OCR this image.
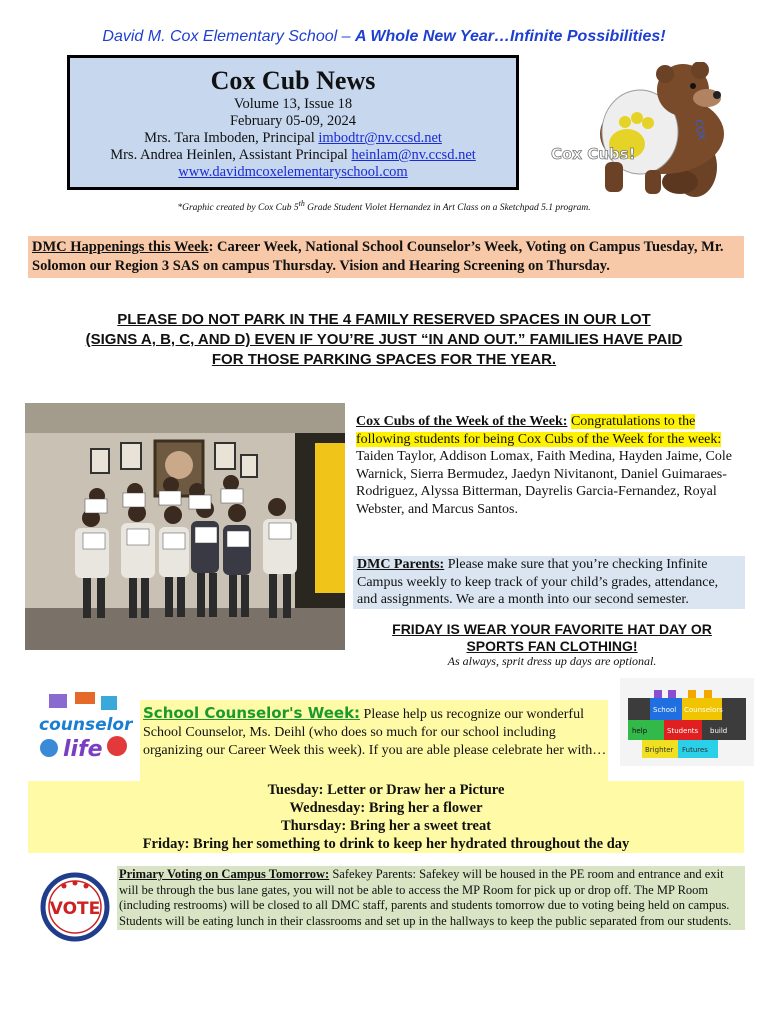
David M. Cox Elementary School – A Whole New Year…Infinite Possibilities!
Cox Cub News
Volume 13, Issue 18
February 05-09, 2024
Mrs. Tara Imboden, Principal imbodtr@nv.ccsd.net
Mrs. Andrea Heinlen, Assistant Principal heinlam@nv.ccsd.net
www.davidmcoxelementaryschool.com
COX
Cox Cubs!
*Graphic created by Cox Cub 5th Grade Student Violet Hernandez in Art Class on a Sketchpad 5.1 program.
DMC Happenings this Week: Career Week, National School Counselor’s Week, Voting on Campus Tuesday, Mr. Solomon our Region 3 SAS on campus Thursday. Vision and Hearing Screening on Thursday.
PLEASE DO NOT PARK IN THE 4 FAMILY RESERVED SPACES IN OUR LOT
(SIGNS A, B, C, AND D) EVEN IF YOU’RE JUST “IN AND OUT.” FAMILIES HAVE PAID
FOR THOSE PARKING SPACES FOR THE YEAR.
Cox Cubs of the Week of the Week: Congratulations to the following students for being Cox Cubs of the Week for the week: Taiden Taylor, Addison Lomax, Faith Medina, Hayden Jaime, Cole Warnick, Sierra Bermudez, Jaedyn Nivitanont, Daniel Guimaraes-Rodriguez, Alyssa Bitterman, Dayrelis Garcia-Fernandez, Royal Webster, and Marcus Santos.
DMC Parents: Please make sure that you’re checking Infinite Campus weekly to keep track of your child’s grades, attendance, and assignments. We are a month into our second semester.
FRIDAY IS WEAR YOUR FAVORITE HAT DAY OR
SPORTS FAN CLOTHING!
As always, sprit dress up days are optional.
counselor
life
School Counselor's Week: Please help us recognize our wonderful School Counselor, Ms. Deihl (who does so much for our school including organizing our Career Week this week). If you are able please celebrate her with…
School Counselors
help	Students build
Brighter Futures
Tuesday: Letter or Draw her a Picture
Wednesday: Bring her a flower
Thursday: Bring her a sweet treat
Friday: Bring her something to drink to keep her hydrated throughout the day
VOTE
Primary Voting on Campus Tomorrow: Safekey Parents: Safekey will be housed in the PE room and entrance and exit will be through the bus lane gates, you will not be able to access the MP Room for pick up or drop off. The MP Room (including restrooms) will be closed to all DMC staff, parents and students tomorrow due to voting being held on campus. Students will be eating lunch in their classrooms and set up in the hallways to keep the public separated from our students.
